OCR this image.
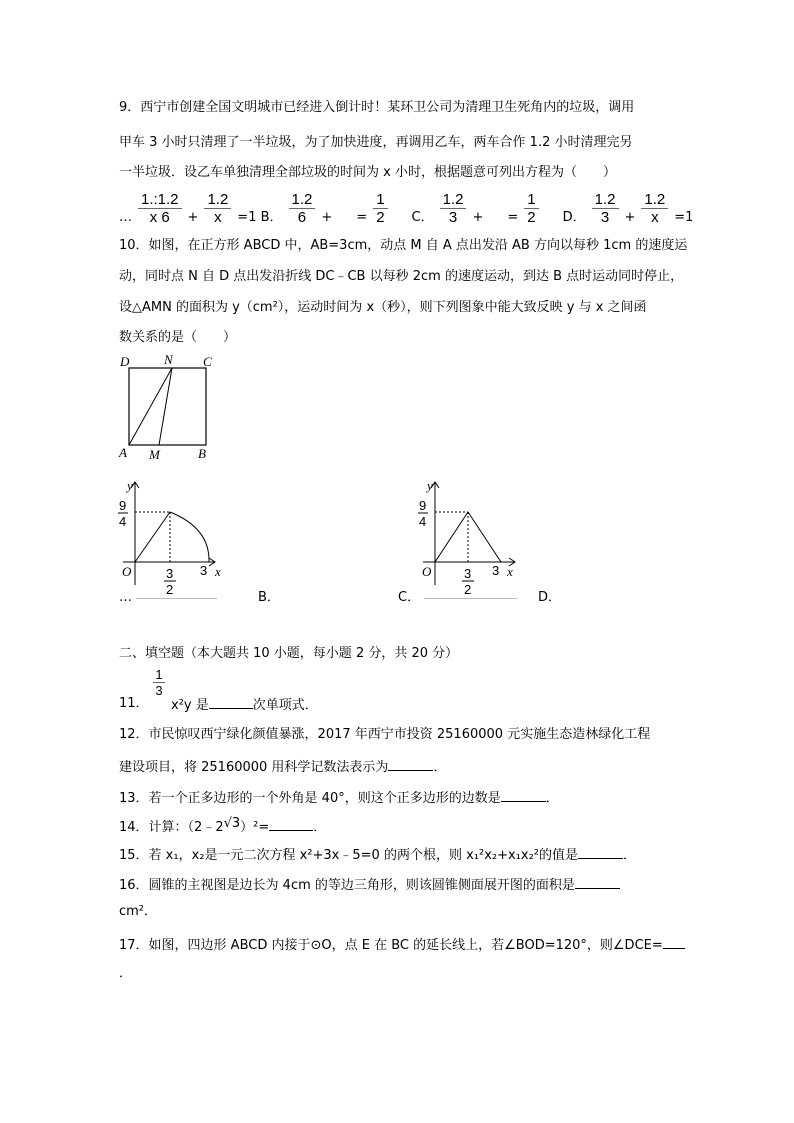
9．西宁市创建全国文明城市已经进入倒计时！某环卫公司为清理卫生死角内的垃圾，调用
甲车 3 小时只清理了一半垃圾，为了加快进度，再调用乙车，两车合作 1.2 小时清理完另
一半垃圾．设乙车单独清理全部垃圾的时间为 x 小时，根据题意可列出方程为（　　）
… $\frac{1.:1.2}{x 6} + \frac{1.2}{x} =1$ B． $\frac{1.2}{6}$ + = $\frac{1}{2}$ C． $\frac{1.2}{3}$ + = $\frac{1}{2}$ D． $\frac{1.2}{3} + \frac{1.2}{x} =1$
10．如图，在正方形 ABCD 中，AB=3cm，动点 M 自 A 点出发沿 AB 方向以每秒 1cm 的速度运
动，同时点 N 自 D 点出发沿折线 DC﹣CB 以每秒 2cm 的速度运动，到达 B 点时运动同时停止，
设△AMN 的面积为 y（cm²），运动时间为 x（秒），则下列图象中能大致反映 y 与 x 之间函
数关系的是（　　）
D	N C
A M	B
y
9
4
O	3
2
3 x
y
9
4
O	3
2
3 x
…	B．	C．	D．
二、填空题（本大题共 10 小题，每小题 2 分，共 20 分）
11．
$\frac{1}{3}$
x²y 是	次单项式．
12．市民惊叹西宁绿化颜值暴涨，2017 年西宁市投资 25160000 元实施生态造林绿化工程
建设项目，将 25160000 用科学记数法表示为	．
13．若一个正多边形的一个外角是 40°，则这个正多边形的边数是	．
14．计算：（2﹣2√3）²=	．
15．若 x₁，x₂是一元二次方程 x²+3x﹣5=0 的两个根，则 x₁²x₂+x₁x₂²的值是	．
16．圆锥的主视图是边长为 4cm 的等边三角形，则该圆锥侧面展开图的面积是
cm²．
17．如图，四边形 ABCD 内接于⊙O，点 E 在 BC 的延长线上，若∠BOD=120°，则∠DCE=
．
